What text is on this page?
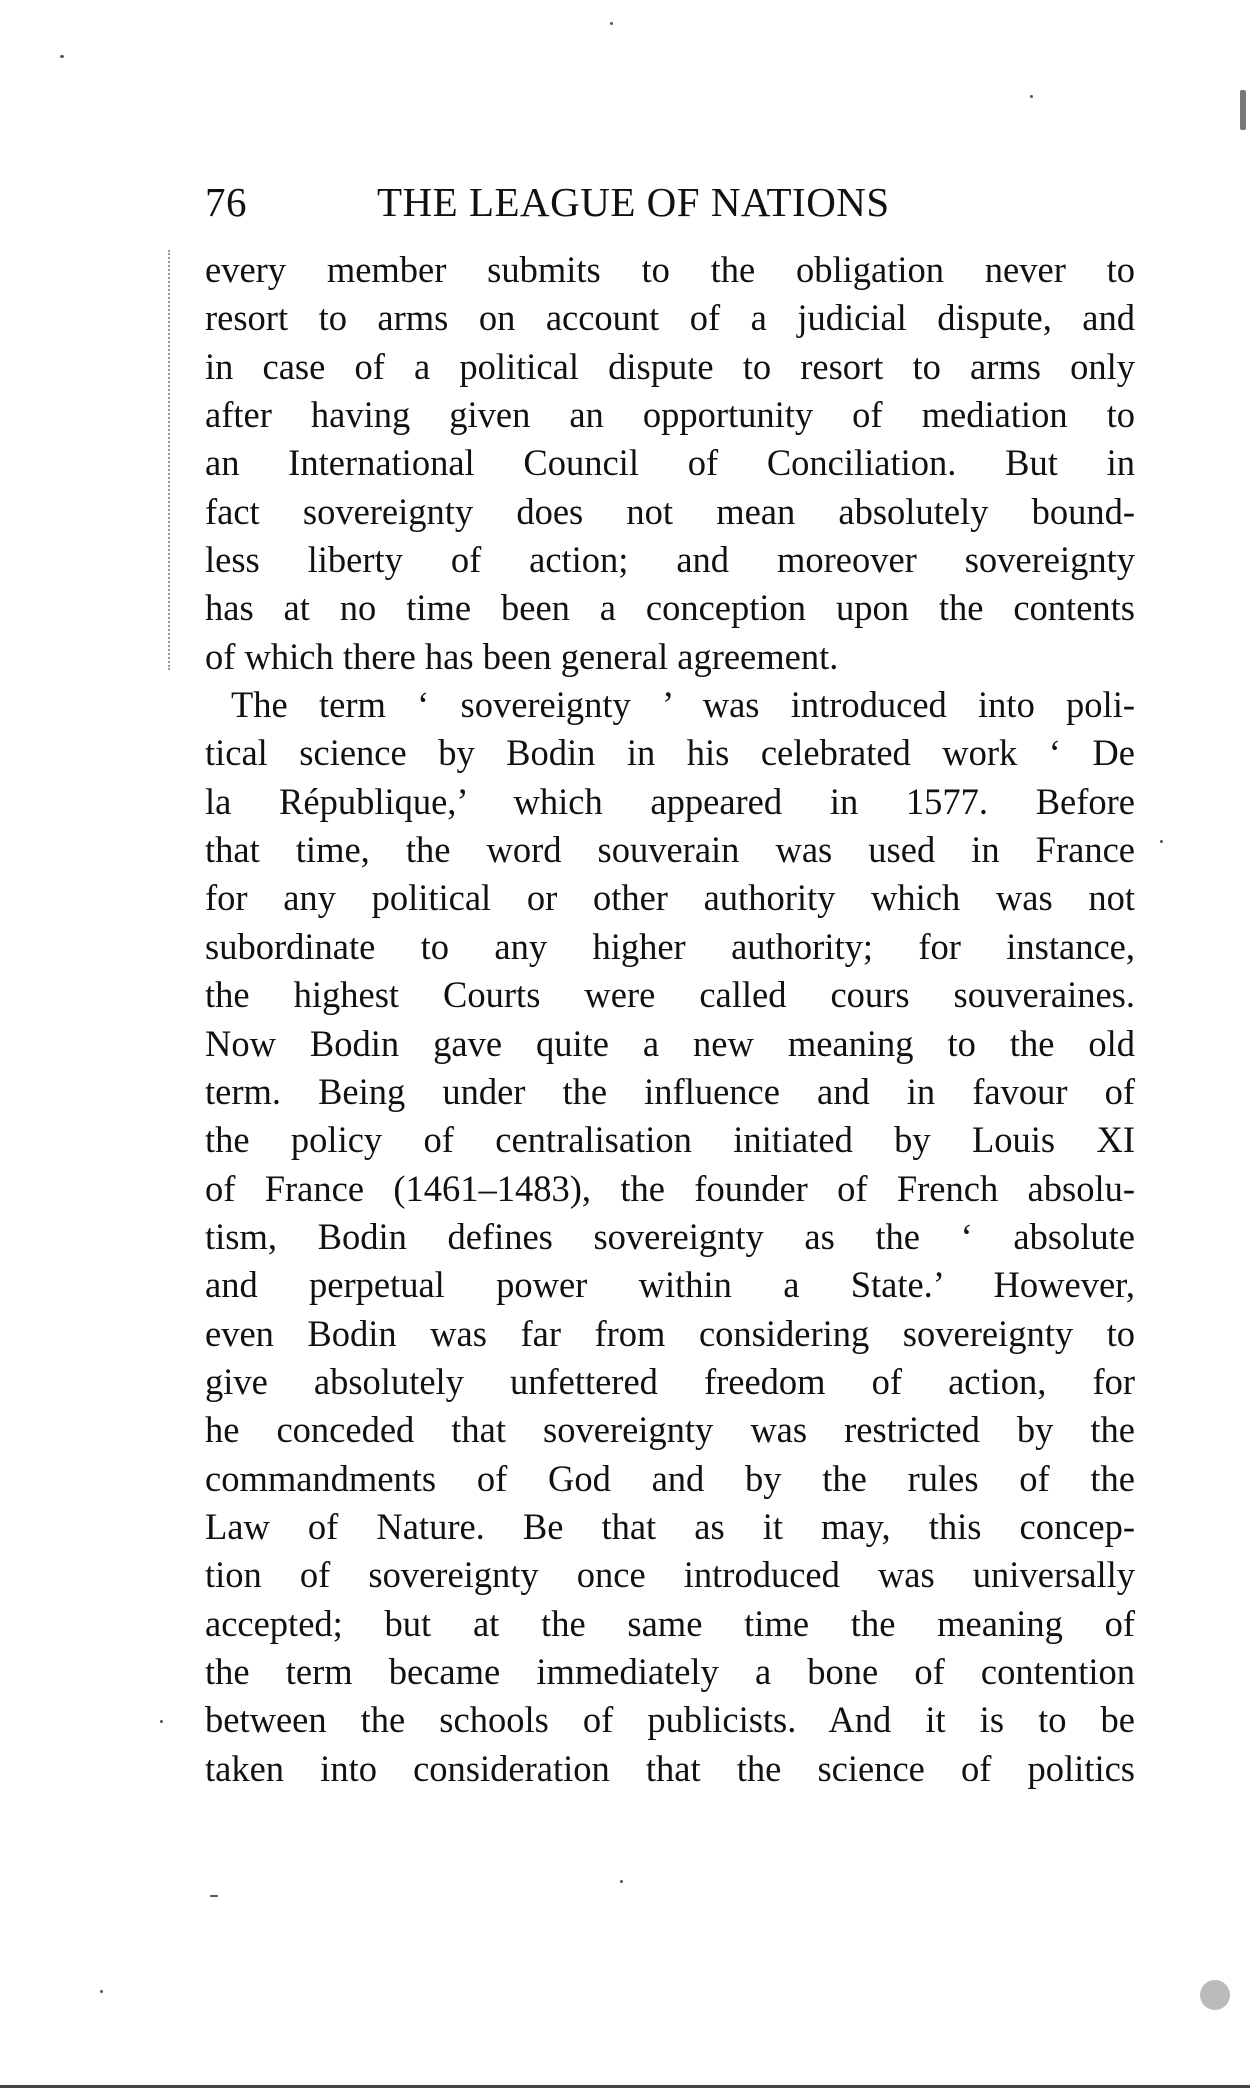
76	THE LEAGUE OF NATIONS
every member submits to the obligation never to
resort to arms on account of a judicial dispute, and
in case of a political dispute to resort to arms only
after having given an opportunity of mediation to
an International Council of Conciliation. But in
fact sovereignty does not mean absolutely bound-
less liberty of action; and moreover sovereignty
has at no time been a conception upon the contents
of which there has been general agreement.
The term ‘ sovereignty ’ was introduced into poli-
tical science by Bodin in his celebrated work ‘ De
la République,’ which appeared in 1577. Before
that time, the word souverain was used in France
for any political or other authority which was not
subordinate to any higher authority; for instance,
the highest Courts were called cours souveraines.
Now Bodin gave quite a new meaning to the old
term. Being under the influence and in favour of
the policy of centralisation initiated by Louis XI
of France (1461–1483), the founder of French absolu-
tism, Bodin defines sovereignty as the ‘ absolute
and perpetual power within a State.’ However,
even Bodin was far from considering sovereignty to
give absolutely unfettered freedom of action, for
he conceded that sovereignty was restricted by the
commandments of God and by the rules of the
Law of Nature. Be that as it may, this concep-
tion of sovereignty once introduced was universally
accepted; but at the same time the meaning of
the term became immediately a bone of contention
between the schools of publicists. And it is to be
taken into consideration that the science of politics
